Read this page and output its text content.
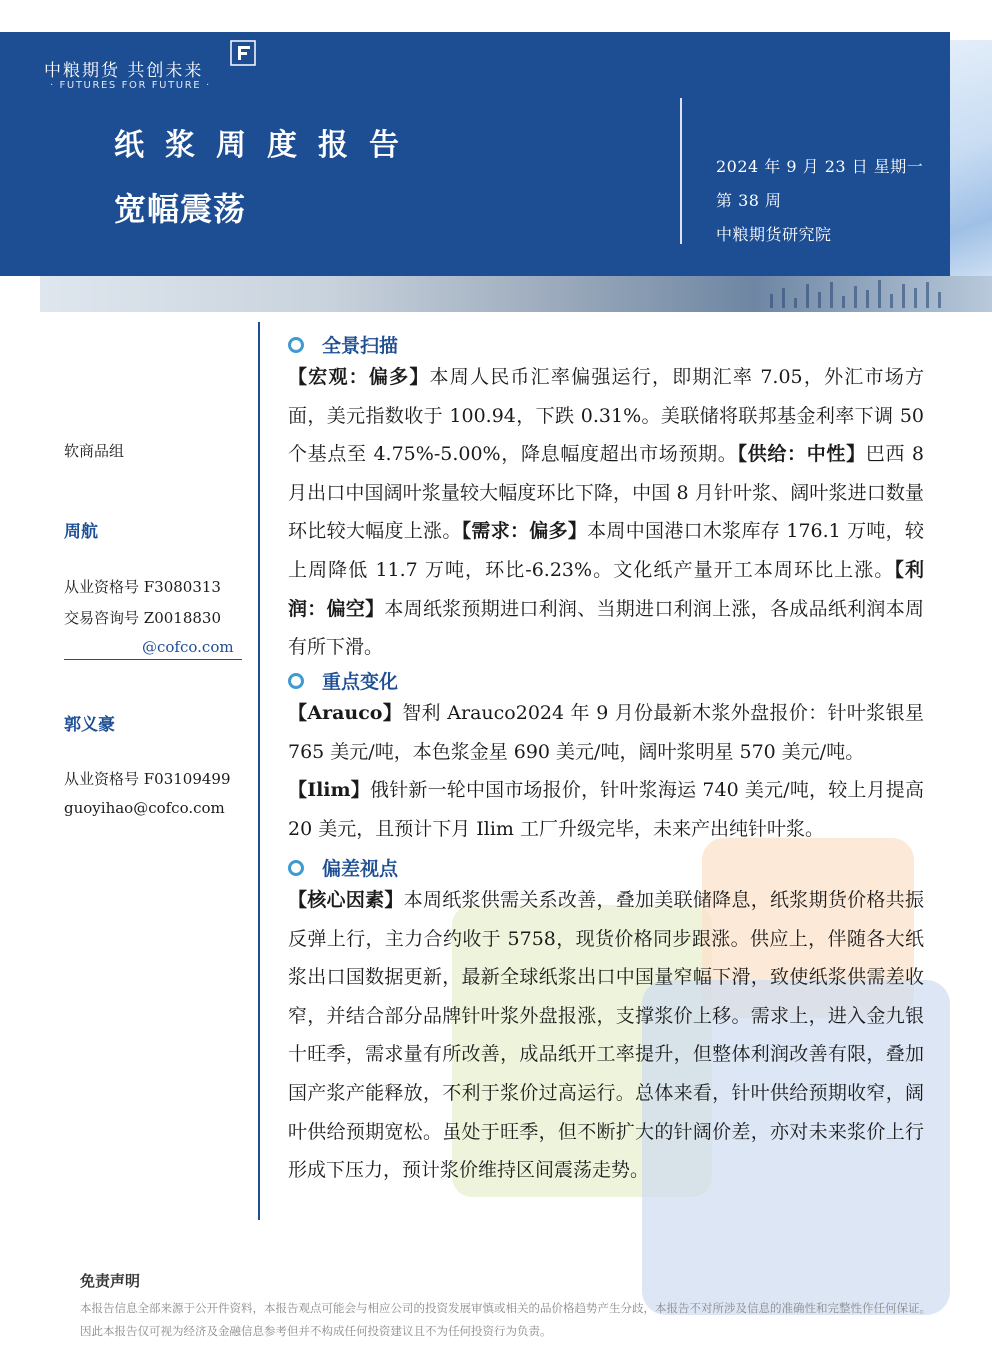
中粮期货 共创未来
· FUTURES FOR FUTURE ·
纸浆周度报告
宽幅震荡
2024 年 9 月 23 日 星期一
第 38 周
中粮期货研究院
软商品组
周航
从业资格号 F3080313
交易咨询号 Z0018830
@cofco.com
郭义豪
从业资格号 F03109499
guoyihao@cofco.com
全景扫描
【宏观：偏多】本周人民币汇率偏强运行，即期汇率 7.05，外汇市场方面，美元指数收于 100.94，下跌 0.31%。美联储将联邦基金利率下调 50 个基点至 4.75%-5.00%，降息幅度超出市场预期。【供给：中性】巴西 8 月出口中国阔叶浆量较大幅度环比下降，中国 8 月针叶浆、阔叶浆进口数量环比较大幅度上涨。【需求：偏多】本周中国港口木浆库存 176.1 万吨，较上周降低 11.7 万吨，环比-6.23%。文化纸产量开工本周环比上涨。【利润：偏空】本周纸浆预期进口利润、当期进口利润上涨，各成品纸利润本周有所下滑。
重点变化
【Arauco】智利 Arauco2024 年 9 月份最新木浆外盘报价：针叶浆银星 765 美元/吨，本色浆金星 690 美元/吨，阔叶浆明星 570 美元/吨。
【Ilim】俄针新一轮中国市场报价，针叶浆海运 740 美元/吨，较上月提高 20 美元，且预计下月 Ilim 工厂升级完毕，未来产出纯针叶浆。
偏差视点
【核心因素】本周纸浆供需关系改善，叠加美联储降息，纸浆期货价格共振反弹上行，主力合约收于 5758，现货价格同步跟涨。供应上，伴随各大纸浆出口国数据更新，最新全球纸浆出口中国量窄幅下滑，致使纸浆供需差收窄，并结合部分品牌针叶浆外盘报涨，支撑浆价上移。需求上，进入金九银十旺季，需求量有所改善，成品纸开工率提升，但整体利润改善有限，叠加国产浆产能释放，不利于浆价过高运行。总体来看，针叶供给预期收窄，阔叶供给预期宽松。虽处于旺季，但不断扩大的针阔价差，亦对未来浆价上行形成下压力，预计浆价维持区间震荡走势。
免责声明
本报告信息全部来源于公开件资料，本报告观点可能会与相应公司的投资发展审慎或相关的品价格趋势产生分歧，本报告不对所涉及信息的准确性和完整性作任何保证。因此本报告仅可视为经济及金融信息参考但并不构成任何投资建议且不为任何投资行为负责。
